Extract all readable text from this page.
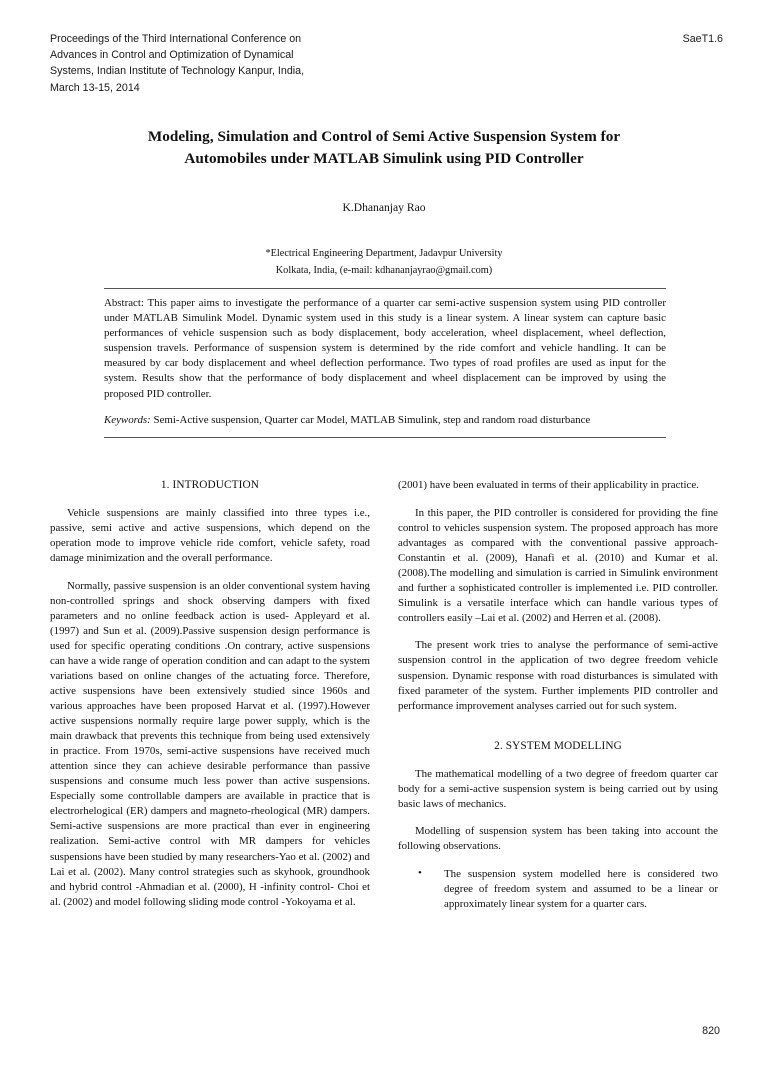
Proceedings of the Third International Conference on
Advances in Control and Optimization of Dynamical
Systems, Indian Institute of Technology Kanpur, India,
March 13-15, 2014
SaeT1.6
Modeling, Simulation and Control of Semi Active Suspension System for
Automobiles under MATLAB Simulink using PID Controller
K.Dhananjay Rao
*Electrical Engineering Department, Jadavpur University
Kolkata, India, (e-mail: kdhananjayrao@gmail.com)

Abstract: This paper aims to investigate the performance of a quarter car semi-active suspension system using PID controller under MATLAB Simulink Model. Dynamic system used in this study is a linear system. A linear system can capture basic performances of vehicle suspension such as body displacement, body acceleration, wheel displacement, wheel deflection, suspension travels. Performance of suspension system is determined by the ride comfort and vehicle handling. It can be measured by car body displacement and wheel deflection performance. Two types of road profiles are used as input for the system. Results show that the performance of body displacement and wheel displacement can be improved by using the proposed PID controller.

Keywords: Semi-Active suspension, Quarter car Model, MATLAB Simulink, step and random road disturbance

1. INTRODUCTION

Vehicle suspensions are mainly classified into three types i.e., passive, semi active and active suspensions, which depend on the operation mode to improve vehicle ride comfort, vehicle safety, road damage minimization and the overall performance.

Normally, passive suspension is an older conventional system having non-controlled springs and shock observing dampers with fixed parameters and no online feedback action is used- Appleyard et al. (1997) and Sun et al. (2009).Passive suspension design performance is used for specific operating conditions .On contrary, active suspensions can have a wide range of operation condition and can adapt to the system variations based on online changes of the actuating force. Therefore, active suspensions have been extensively studied since 1960s and various approaches have been proposed Harvat et al. (1997).However active suspensions normally require large power supply, which is the main drawback that prevents this technique from being used extensively in practice. From 1970s, semi-active suspensions have received much attention since they can achieve desirable performance than passive suspensions and consume much less power than active suspensions. Especially some controllable dampers are available in practice that is electrorhelogical (ER) dampers and magneto-rheological (MR) dampers. Semi-active suspensions are more practical than ever in engineering realization. Semi-active control with MR dampers for vehicles suspensions have been studied by many researchers-Yao et al. (2002) and Lai et al. (2002). Many control strategies such as skyhook, groundhook and hybrid control -Ahmadian et al. (2000), H -infinity control- Choi et al. (2002) and model following sliding mode control -Yokoyama et al.

(2001) have been evaluated in terms of their applicability in practice.

In this paper, the PID controller is considered for providing the fine control to vehicles suspension system. The proposed approach has more advantages as compared with the conventional passive approach- Constantin et al. (2009), Hanafi et al. (2010) and Kumar et al. (2008).The modelling and simulation is carried in Simulink environment and further a sophisticated controller is implemented i.e. PID controller. Simulink is a versatile interface which can handle various types of controllers easily –Lai et al. (2002) and Herren et al. (2008).

The present work tries to analyse the performance of semi-active suspension control in the application of two degree freedom vehicle suspension. Dynamic response with road disturbances is simulated with fixed parameter of the system. Further implements PID controller and performance improvement analyses carried out for such system.

2. SYSTEM MODELLING

The mathematical modelling of a two degree of freedom quarter car body for a semi-active suspension system is being carried out by using basic laws of mechanics.

Modelling of suspension system has been taking into account the following observations.

• The suspension system modelled here is considered two degree of freedom system and assumed to be a linear or approximately linear system for a quarter cars.
820
